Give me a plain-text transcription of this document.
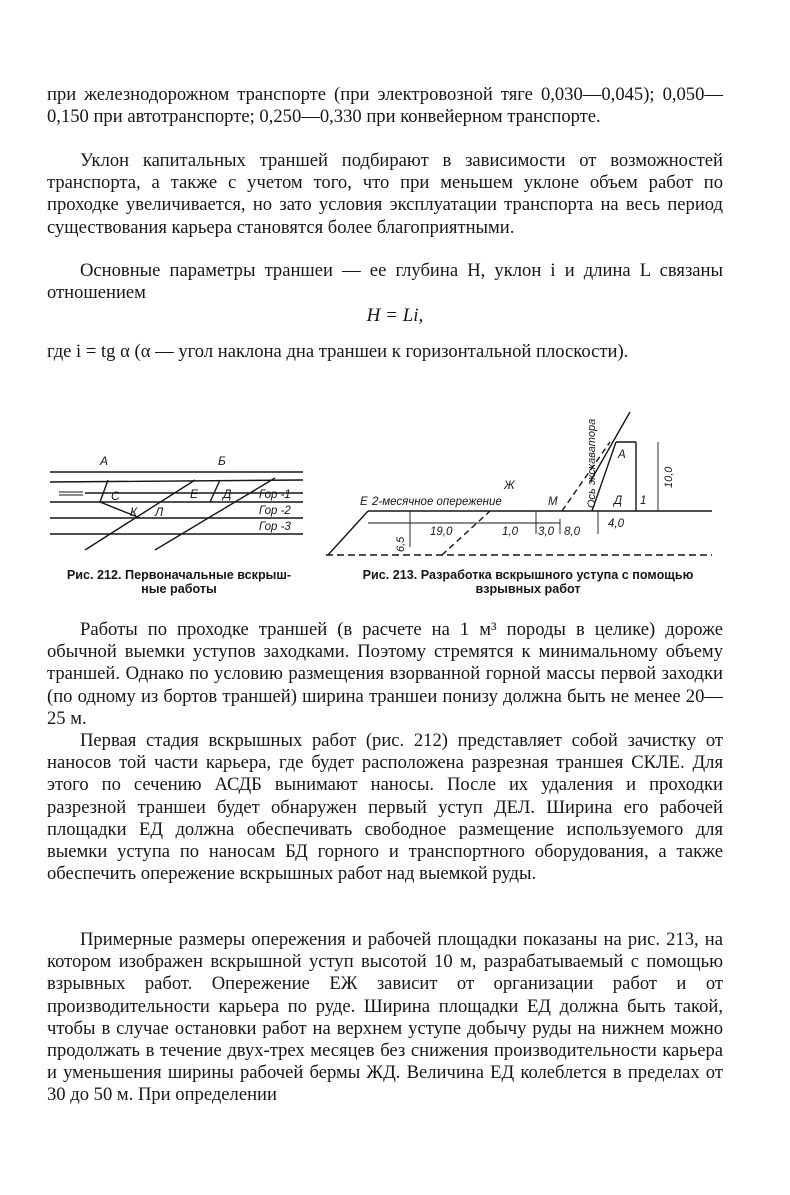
при железнодорожном транспорте (при электровозной тяге 0,030—0,045); 0,050—0,150 при автотранспорте; 0,250—0,330 при конвейерном транспорте.

Уклон капитальных траншей подбирают в зависимости от возможностей транспорта, а также с учетом того, что при меньшем уклоне объем работ по проходке увеличивается, но зато условия эксплуатации транспорта на весь период существования карьера становятся более благоприятными.

Основные параметры траншеи — ее глубина H, уклон i и длина L связаны отношением

H = Li,

где i = tg α (α — угол наклона дна траншеи к горизонтальной плоскости).

А	Б
С
К Л
Е Д Гор -1
Гор -2
Гор -3
Ж
Е 2-месячное опережение	М	Д
А
1
Ось экскаватора	10,0
6,5
19,0	1,0 3,0 8,0
4,0
Рис. 212. Первоначальные вскрыш-
ные работы
Рис. 213. Разработка вскрышного уступа с помощью
взрывных работ

Работы по проходке траншей (в расчете на 1 м³ породы в целике) дороже обычной выемки уступов заходками. Поэтому стремятся к минимальному объему траншей. Однако по условию размещения взорванной горной массы первой заходки (по одному из бортов траншей) ширина траншеи понизу должна быть не менее 20—25 м.

Первая стадия вскрышных работ (рис. 212) представляет собой зачистку от наносов той части карьера, где будет расположена разрезная траншея СКЛЕ. Для этого по сечению АСДБ вынимают наносы. После их удаления и проходки разрезной траншеи будет обнаружен первый уступ ДЕЛ. Ширина его рабочей площадки ЕД должна обеспечивать свободное размещение используемого для выемки уступа по наносам БД горного и транспортного оборудования, а также обеспечить опережение вскрышных работ над выемкой руды.

Примерные размеры опережения и рабочей площадки показаны на рис. 213, на котором изображен вскрышной уступ высотой 10 м, разрабатываемый с помощью взрывных работ. Опережение ЕЖ зависит от организации работ и от производительности карьера по руде. Ширина площадки ЕД должна быть такой, чтобы в случае остановки работ на верхнем уступе добычу руды на нижнем можно продолжать в течение двух-трех месяцев без снижения производительности карьера и уменьшения ширины рабочей бермы ЖД. Величина ЕД колеблется в пределах от 30 до 50 м. При определении
